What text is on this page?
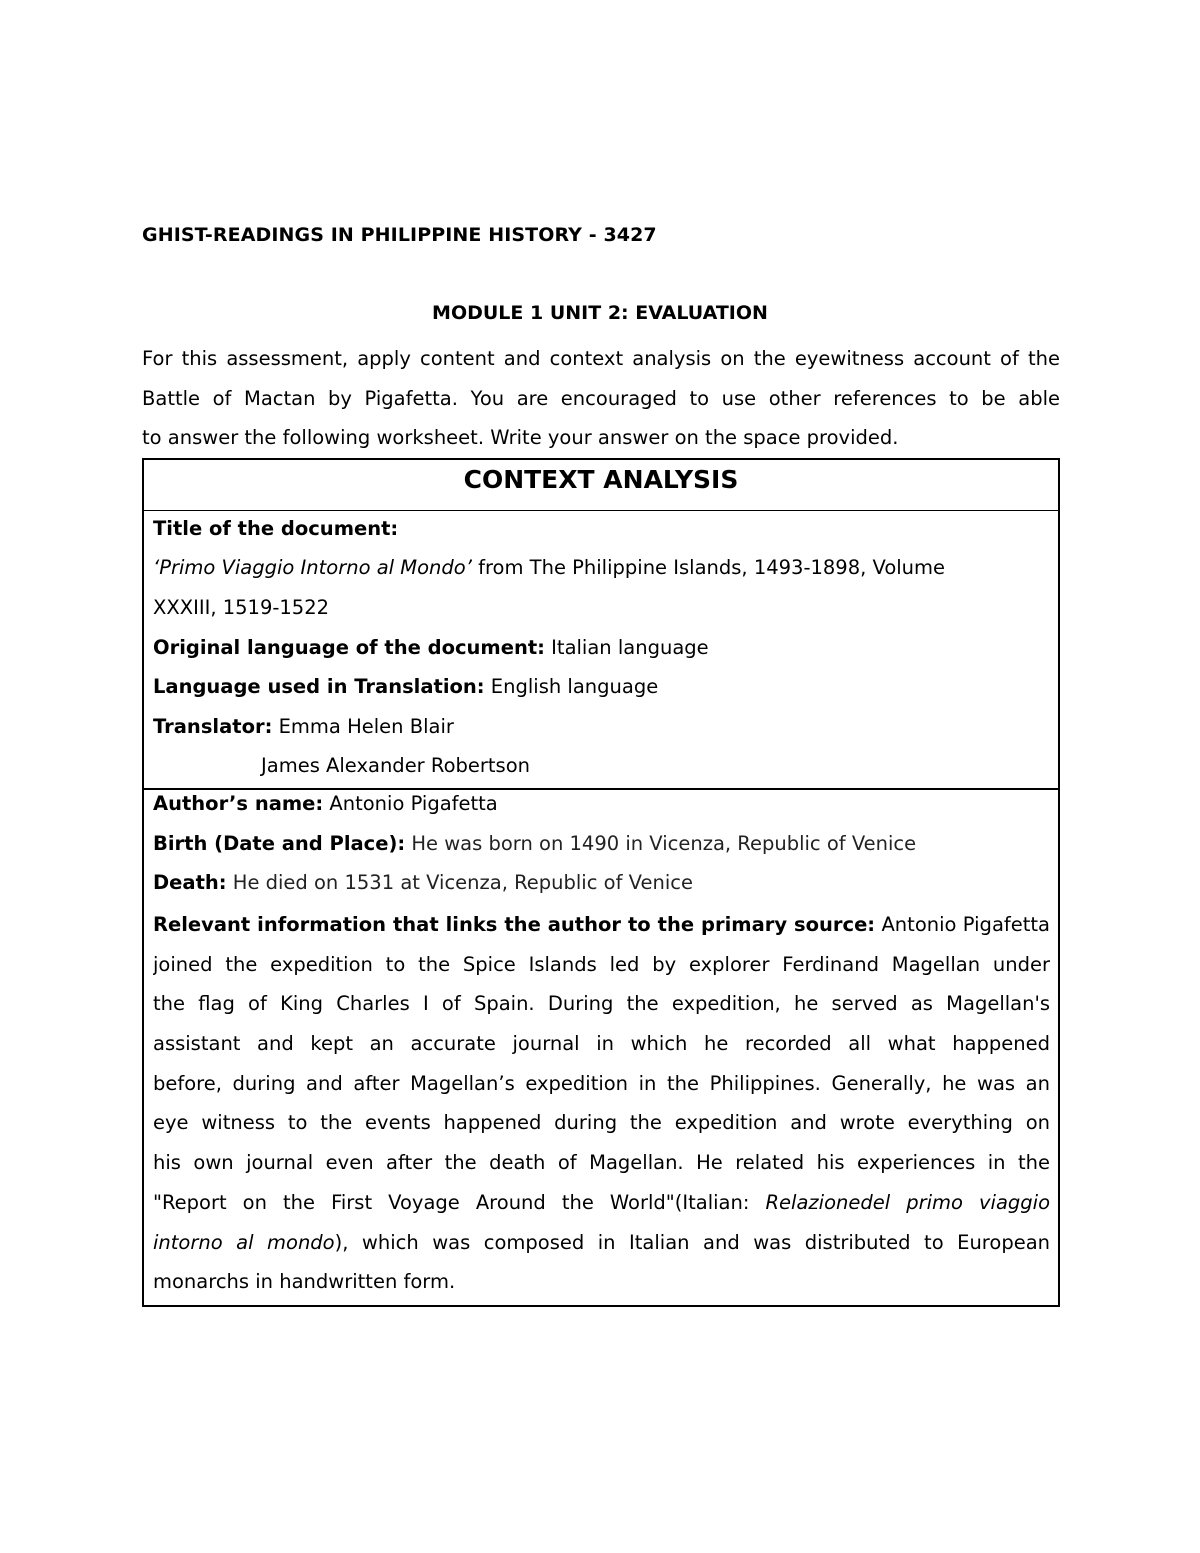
GHIST-READINGS IN PHILIPPINE HISTORY - 3427
MODULE 1 UNIT 2: EVALUATION

For this assessment, apply content and context analysis on the eyewitness account of the
Battle of Mactan by Pigafetta. You are encouraged to use other references to be able
to answer the following worksheet. Write your answer on the space provided.

CONTEXT ANALYSIS
Title of the document:
‘Primo Viaggio Intorno al Mondo’ from The Philippine Islands, 1493-1898, Volume
XXXIII, 1519-1522
Original language of the document: Italian language
Language used in Translation: English language
Translator: Emma Helen Blair
James Alexander Robertson
Author’s name: Antonio Pigafetta
Birth (Date and Place): He was born on 1490 in Vicenza, Republic of Venice
Death: He died on 1531 at Vicenza, Republic of Venice

Relevant information that links the author to the primary source: Antonio Pigafetta
joined the expedition to the Spice Islands led by explorer Ferdinand Magellan under
the flag of King Charles I of Spain. During the expedition, he served as Magellan's
assistant and kept an accurate journal in which he recorded all what happened
before, during and after Magellan’s expedition in the Philippines. Generally, he was an
eye witness to the events happened during the expedition and wrote everything on
his own journal even after the death of Magellan. He related his experiences in the
"Report on the First Voyage Around the World"(Italian: Relazionedel primo viaggio
intorno al mondo), which was composed in Italian and was distributed to European
monarchs in handwritten form.
